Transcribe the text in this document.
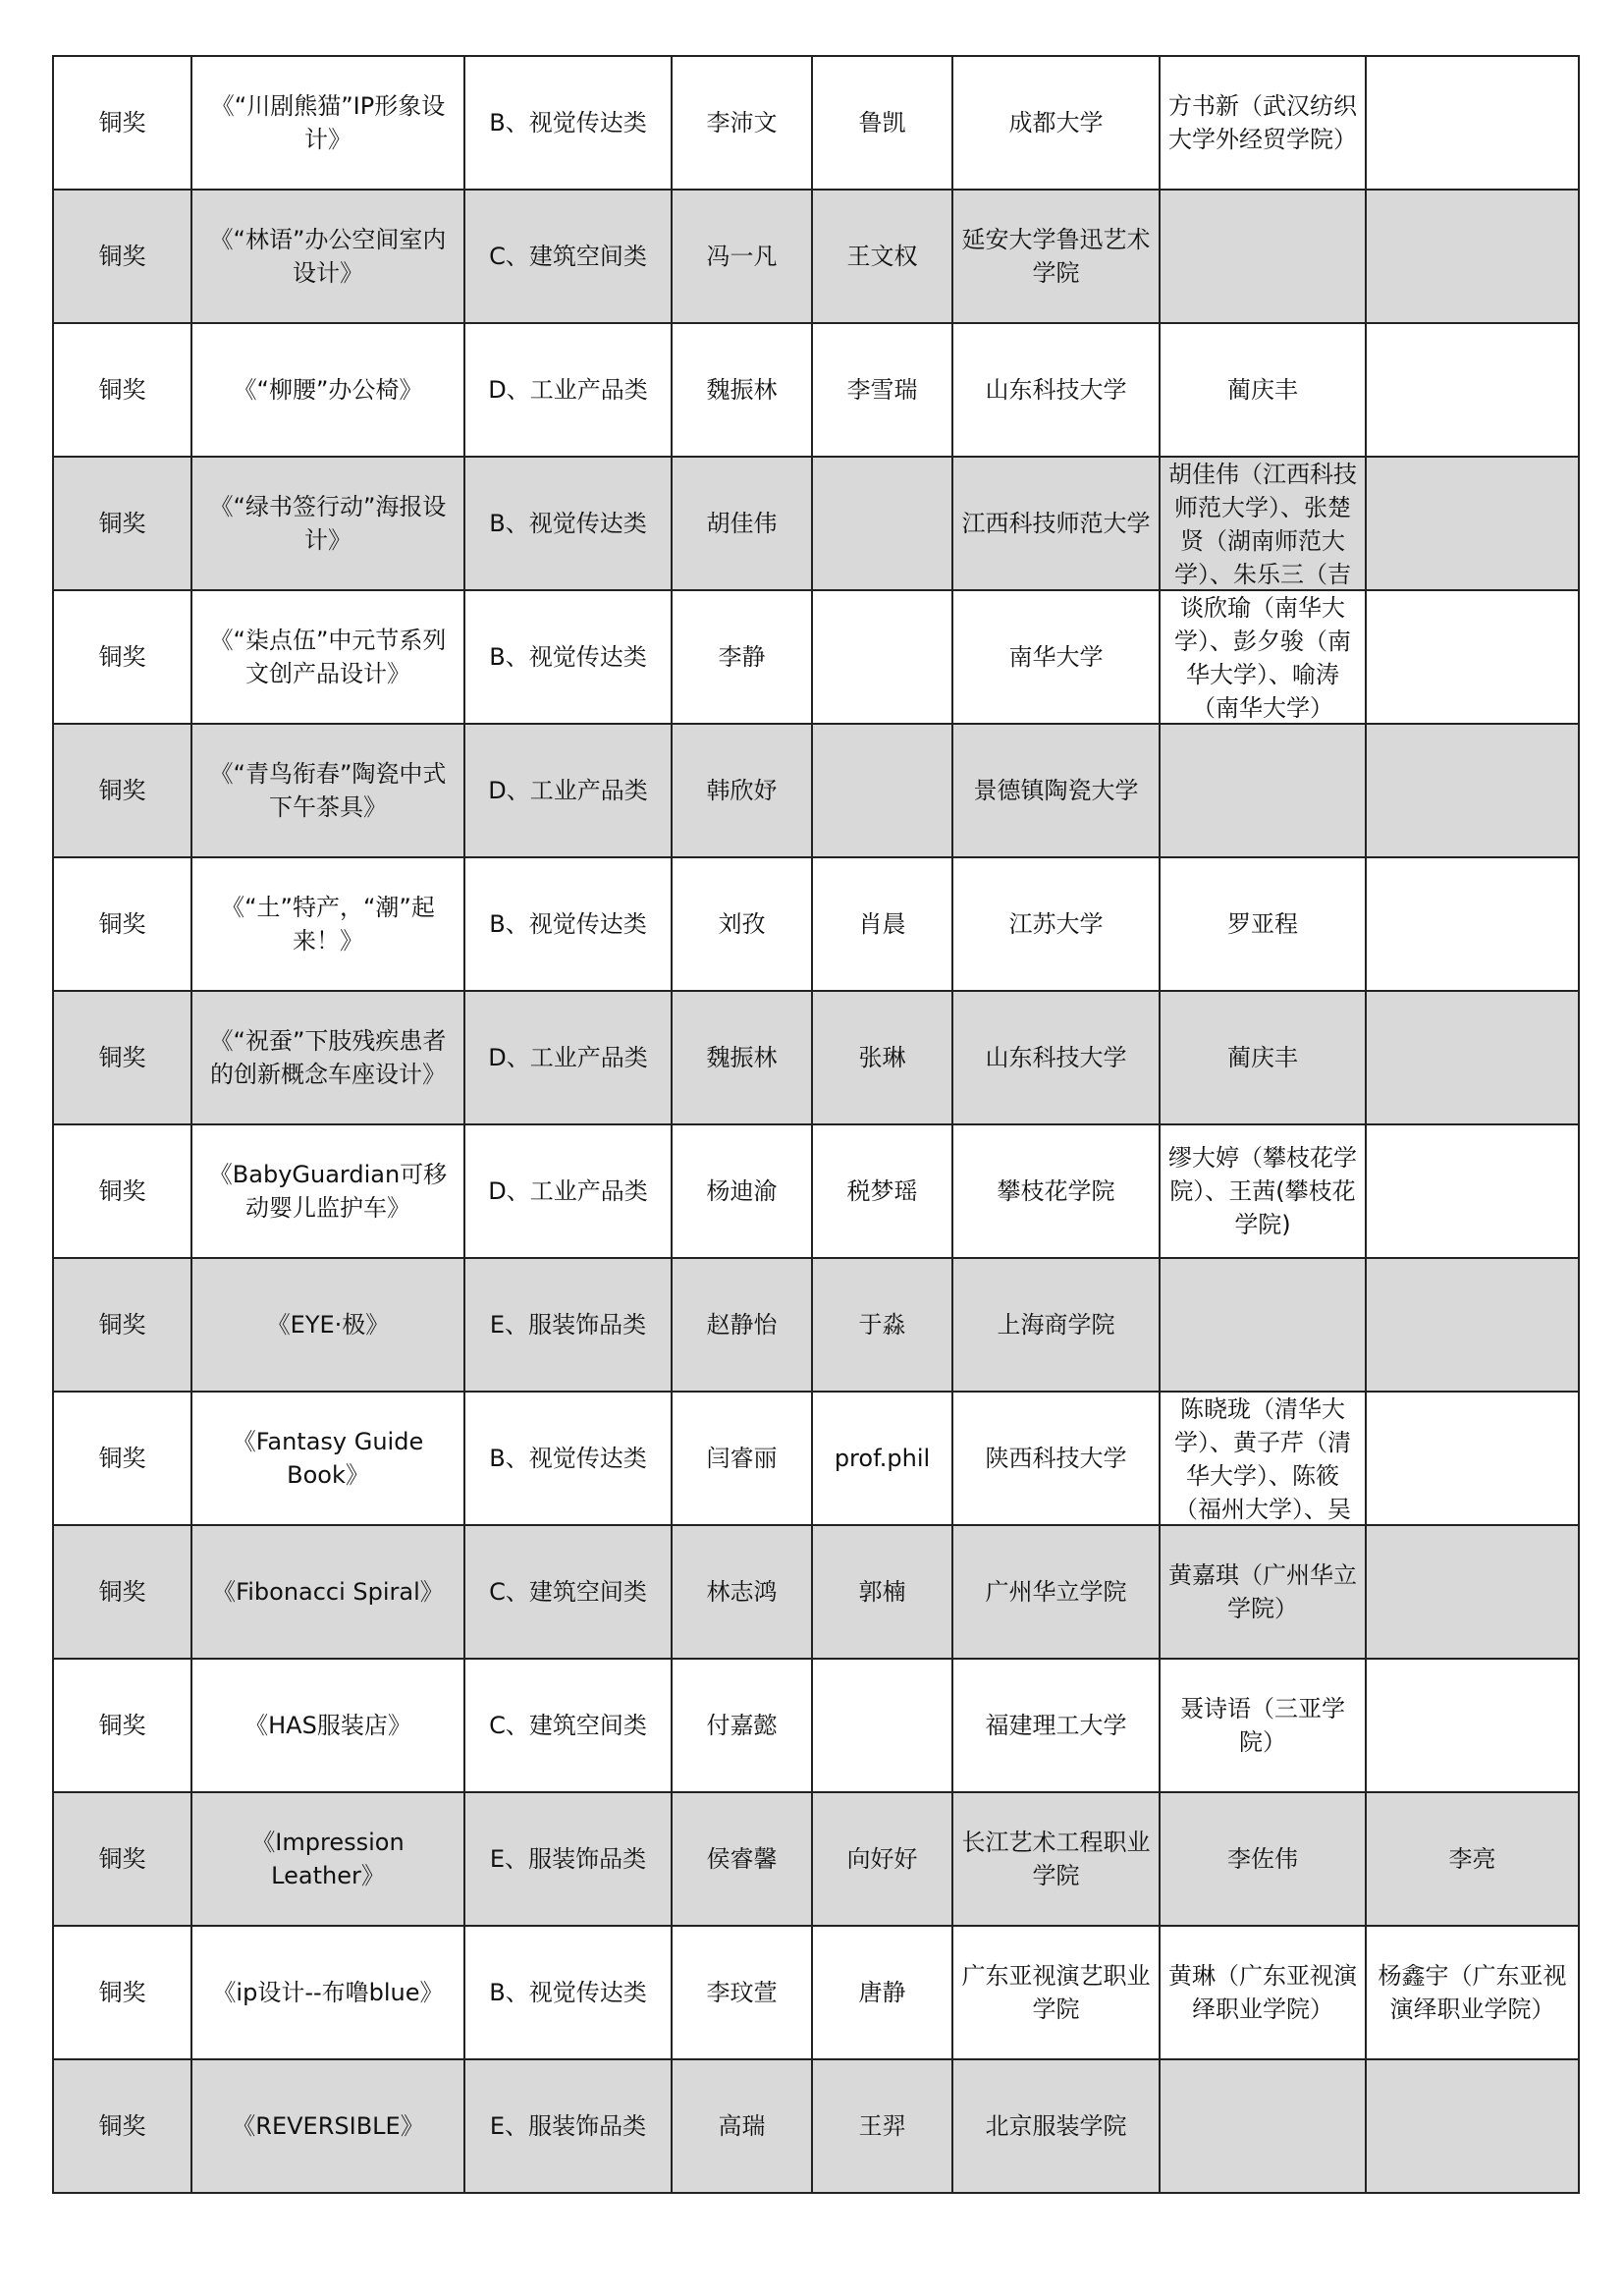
铜奖	《“川剧熊猫”IP形象设计》	B、视觉传达类	李沛文	鲁凯	成都大学	方书新（武汉纺织大学外经贸学院）	

铜奖	《“林语”办公空间室内设计》	C、建筑空间类	冯一凡	王文权	延安大学鲁迅艺术学院	

铜奖	《“柳腰”办公椅》	D、工业产品类	魏振林	李雪瑞	山东科技大学	蔺庆丰	

铜奖	《“绿书签行动”海报设计》	B、视觉传达类	胡佳伟		江西科技师范大学	胡佳伟（江西科技师范大学）、张楚贤（湖南师范大学）、朱乐三（吉	

铜奖	《“柒点伍”中元节系列文创产品设计》	B、视觉传达类	李静		南华大学	谈欣瑜（南华大学）、彭夕骏（南华大学）、喻涛（南华大学）	

铜奖	《“青鸟衔春”陶瓷中式下午茶具》	D、工业产品类	韩欣妤		景德镇陶瓷大学	

铜奖	《“土”特产，“潮”起来！》	B、视觉传达类	刘孜	肖晨	江苏大学	罗亚程	

铜奖	《“祝蚕”下肢残疾患者的创新概念车座设计》	D、工业产品类	魏振林	张琳	山东科技大学	蔺庆丰	

铜奖	《BabyGuardian可移动婴儿监护车》	D、工业产品类	杨迪渝	税梦瑶	攀枝花学院	缪大婷（攀枝花学院）、王茜(攀枝花学院)	

铜奖	《EYE·极》	E、服装饰品类	赵静怡	于淼	上海商学院	

铜奖	《Fantasy Guide Book》	B、视觉传达类	闫睿丽	prof.phil	陕西科技大学	陈晓珑（清华大学）、黄子芹（清华大学）、陈筱（福州大学）、吴	

铜奖	《Fibonacci Spiral》	C、建筑空间类	林志鸿	郭楠	广州华立学院	黄嘉琪（广州华立学院）	

铜奖	《HAS服装店》	C、建筑空间类	付嘉懿		福建理工大学	聂诗语（三亚学院）	

铜奖	《Impression Leather》	E、服装饰品类	侯睿馨	向好好	长江艺术工程职业学院	李佐伟	李亮
铜奖	《ip设计--布噜blue》	B、视觉传达类	李玟萱	唐静	广东亚视演艺职业学院	黄琳（广东亚视演绎职业学院）	杨鑫宇（广东亚视演绎职业学院）
铜奖	《REVERSIBLE》	E、服装饰品类	高瑞	王羿	北京服装学院	
